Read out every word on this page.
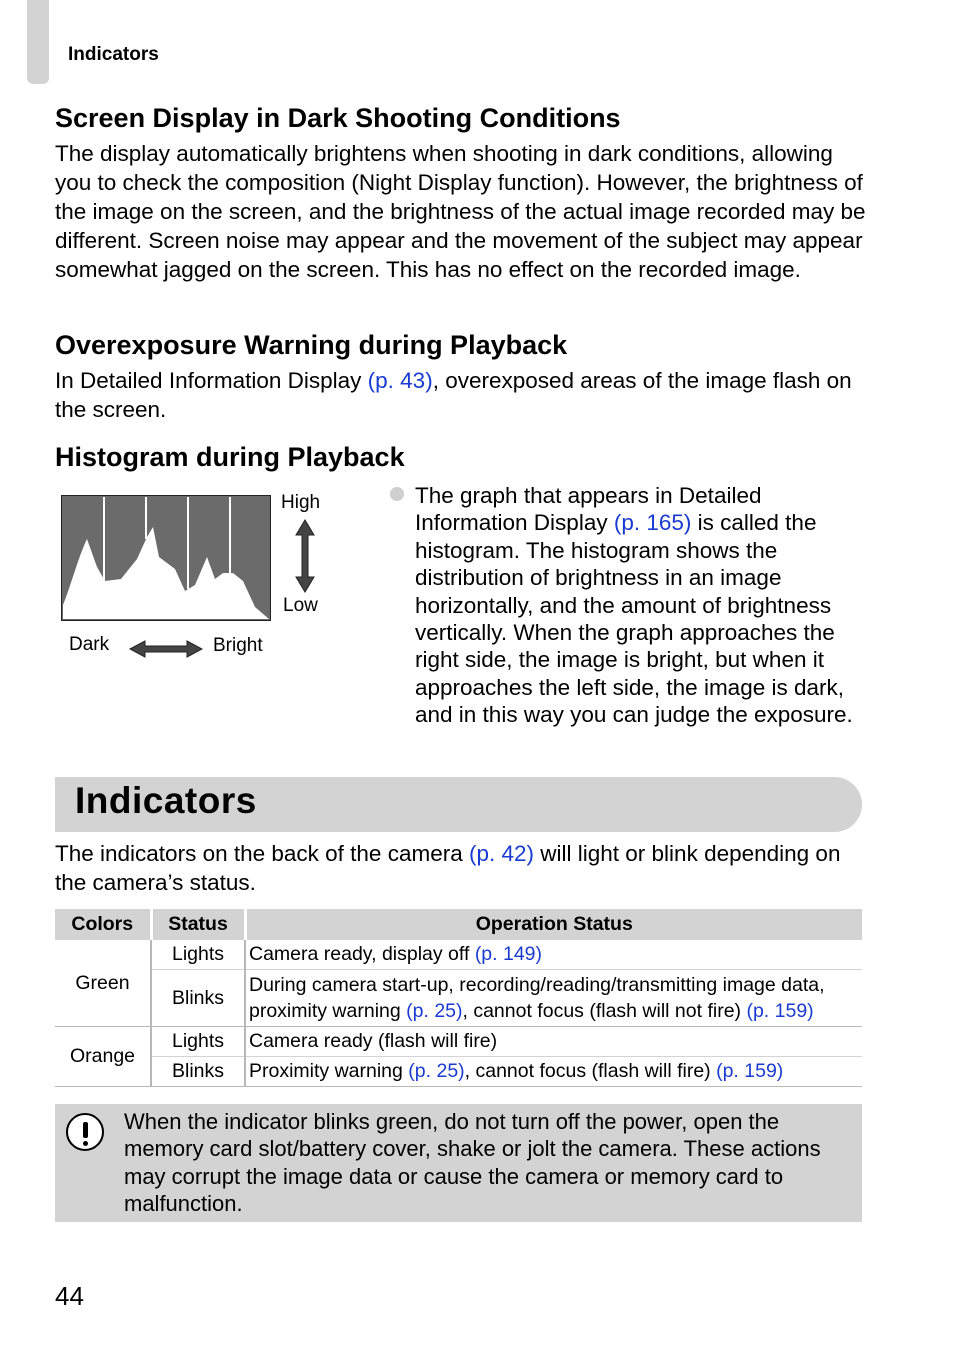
Indicators
Screen Display in Dark Shooting Conditions

The display automatically brightens when shooting in dark conditions, allowing you to check the composition (Night Display function). However, the brightness of the image on the screen, and the brightness of the actual image recorded may be different. Screen noise may appear and the movement of the subject may appear somewhat jagged on the screen. This has no effect on the recorded image.

Overexposure Warning during Playback

In Detailed Information Display (p. 43), overexposed areas of the image flash on the screen.

Histogram during Playback
High
Low
Dark	Bright

The graph that appears in Detailed Information Display (p. 165) is called the histogram. The histogram shows the distribution of brightness in an image horizontally, and the amount of brightness vertically. When the graph approaches the right side, the image is bright, but when it approaches the left side, the image is dark, and in this way you can judge the exposure.

Indicators

The indicators on the back of the camera (p. 42) will light or blink depending on the camera’s status.

Colors	Status	Operation Status
Green	Lights	Camera ready, display off (p. 149)
	Blinks	During camera start-up, recording/reading/transmitting image data, proximity warning (p. 25), cannot focus (flash will not fire) (p. 159)
Orange	Lights	Camera ready (flash will fire)
	Blinks	Proximity warning (p. 25), cannot focus (flash will fire) (p. 159)

When the indicator blinks green, do not turn off the power, open the memory card slot/battery cover, shake or jolt the camera. These actions may corrupt the image data or cause the camera or memory card to malfunction.

44
